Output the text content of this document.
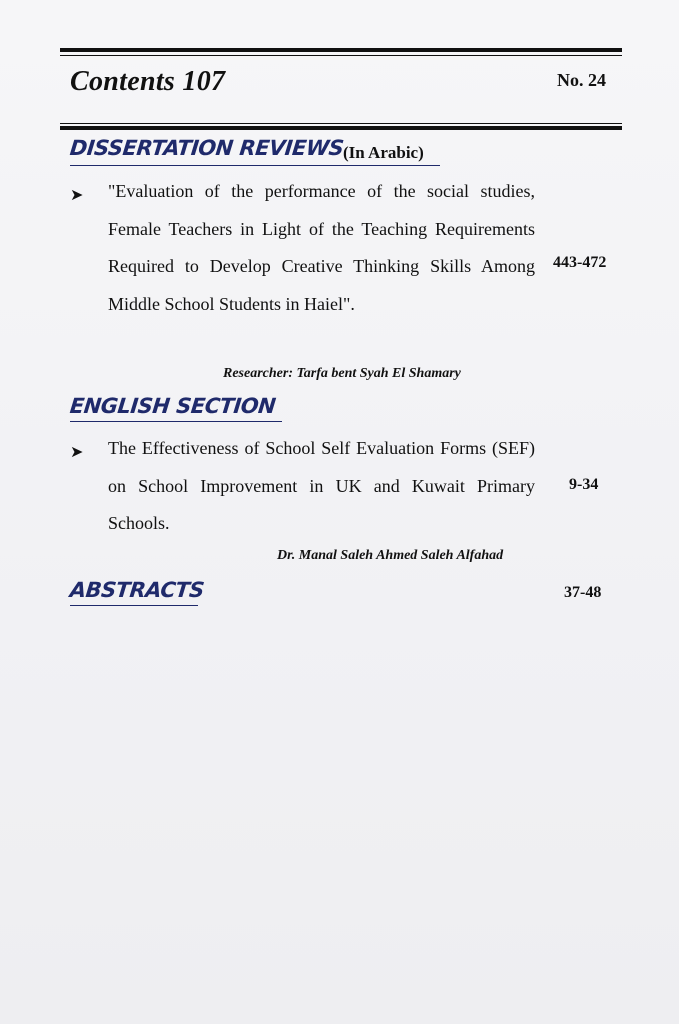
Contents 107	No. 24
DISSERTATION REVIEWS
(In Arabic)
➤ "Evaluation of the performance of the social studies, Female Teachers in Light of the Teaching Requirements Required to Develop Creative Thinking Skills Among Middle School Students in Haiel".
443-472
Researcher: Tarfa bent Syah El Shamary
ENGLISH SECTION
➤ The Effectiveness of School Self Evaluation Forms (SEF) on School Improvement in UK and Kuwait Primary Schools.
9-34
Dr. Manal Saleh Ahmed Saleh Alfahad
ABSTRACTS	37-48
